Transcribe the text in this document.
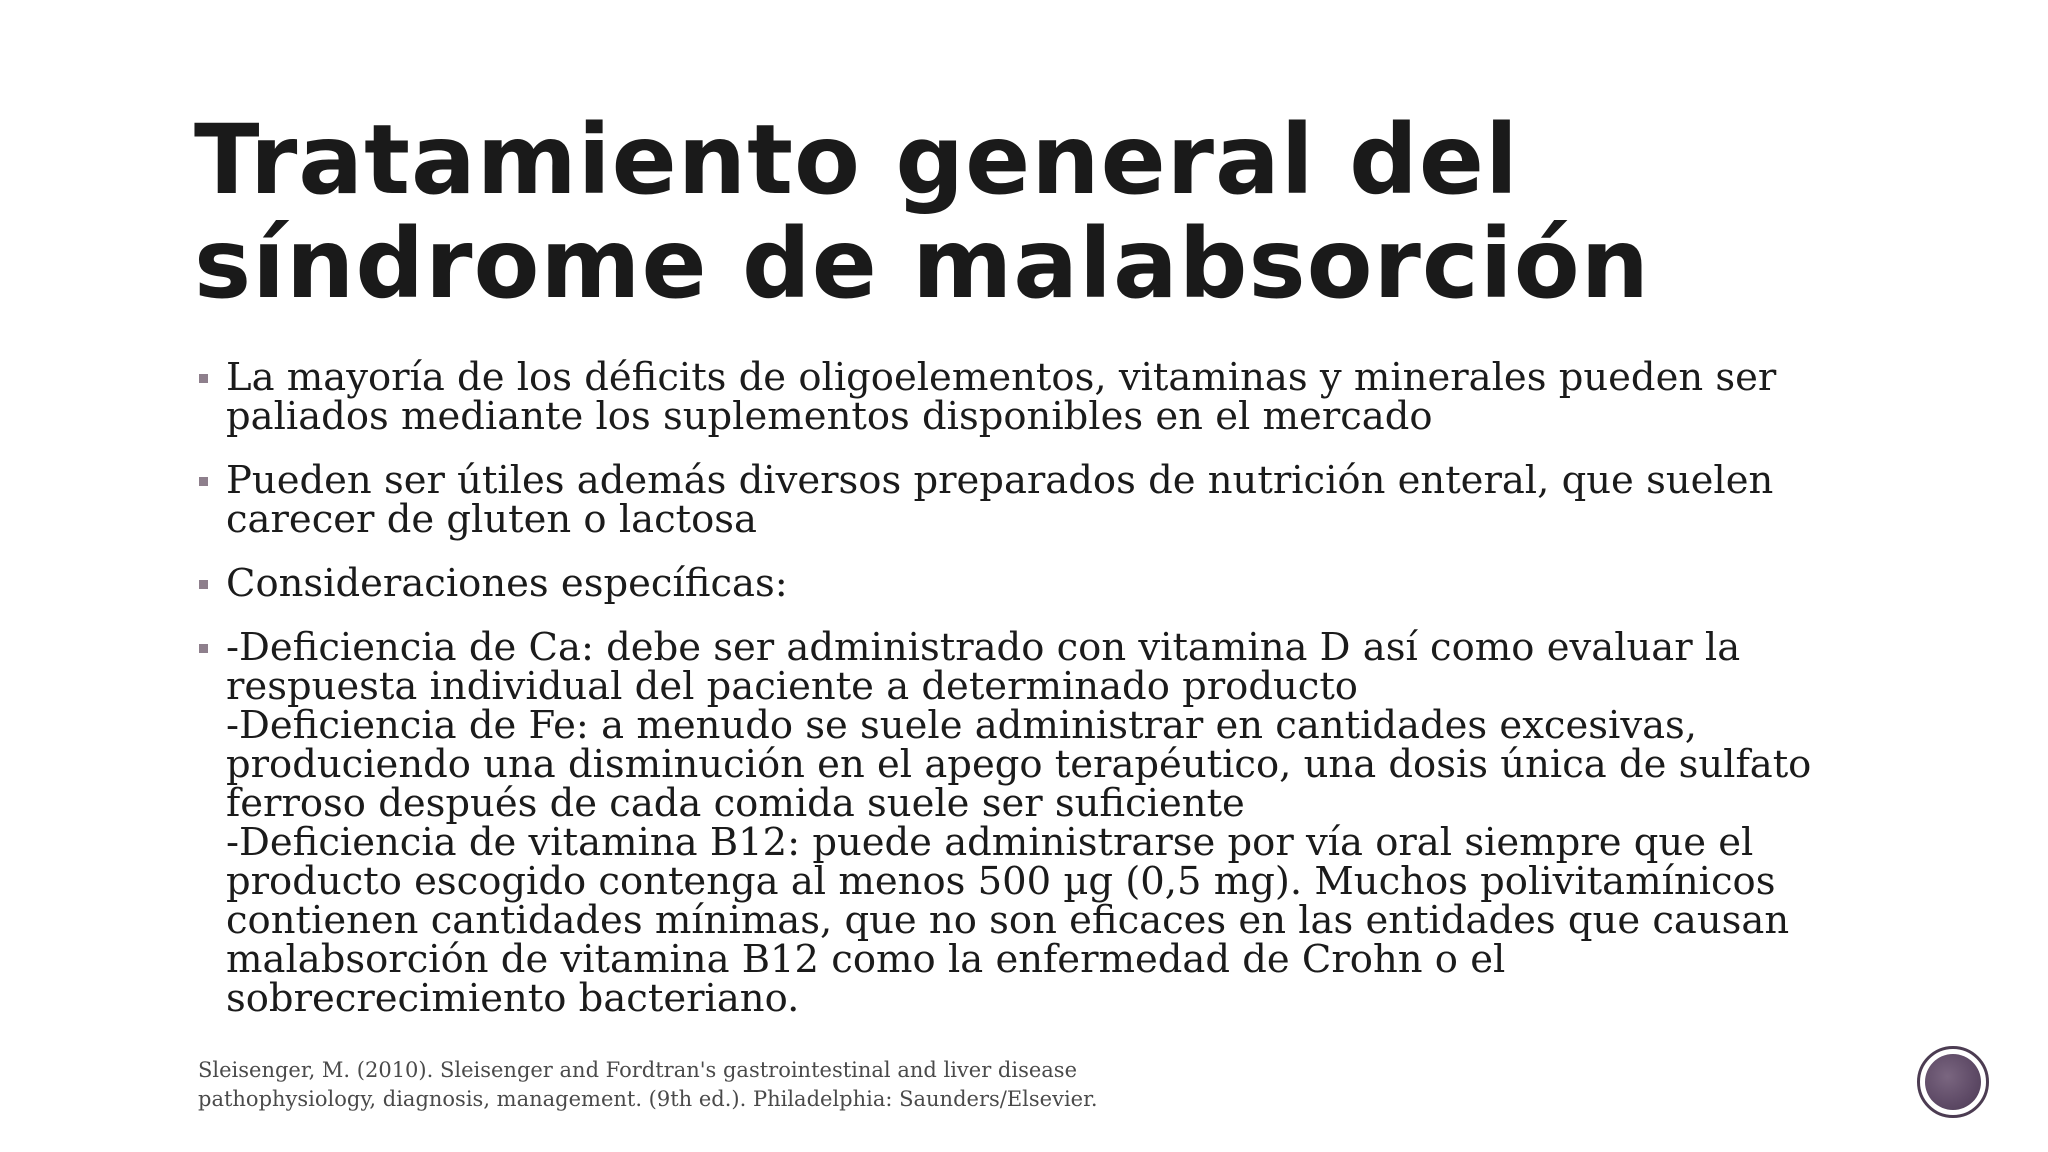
Tratamiento general del
síndrome de malabsorción
La mayoría de los déficits de oligoelementos, vitaminas y minerales pueden ser
paliados mediante los suplementos disponibles en el mercado
Pueden ser útiles además diversos preparados de nutrición enteral, que suelen
carecer de gluten o lactosa
Consideraciones específicas:
-Deficiencia de Ca: debe ser administrado con vitamina D así como evaluar la
respuesta individual del paciente a determinado producto
-Deficiencia de Fe: a menudo se suele administrar en cantidades excesivas,
produciendo una disminución en el apego terapéutico, una dosis única de sulfato
ferroso después de cada comida suele ser suficiente
-Deficiencia de vitamina B12: puede administrarse por vía oral siempre que el
producto escogido contenga al menos 500 µg (0,5 mg). Muchos polivitamínicos
contienen cantidades mínimas, que no son eficaces en las entidades que causan
malabsorción de vitamina B12 como la enfermedad de Crohn o el
sobrecrecimiento bacteriano.

Sleisenger, M. (2010). Sleisenger and Fordtran's gastrointestinal and liver disease
pathophysiology, diagnosis, management. (9th ed.). Philadelphia: Saunders/Elsevier.
